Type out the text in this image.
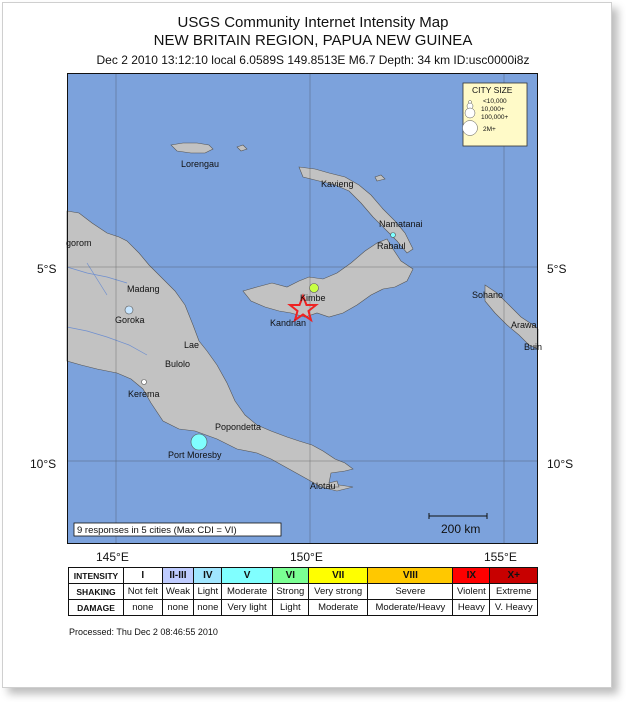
USGS Community Internet Intensity Map
NEW BRITAIN REGION, PAPUA NEW GUINEA
Dec 2 2010 13:12:10 local 6.0589S 149.8513E M6.7 Depth: 34 km ID:usc0000i8z
5°S	5°S
10°S	10°S
145°E	150°E	155°E
gorom
Lorengau
Kavieng
Namatanai
Rabaul
Kimbe
Kandrian
Madang
Goroka
Lae
Bulolo
Kerema
Popondetta
Port Moresby
Alotau
Sohano
Arawa
Buin
CITY SIZE
<10,000
10,000+
100,000+
2M+
9 responses in 5 cities (Max CDI = VI)	200 km
INTENSITY	I	II-III	IV	V	VI	VII	VIII	IX	X+
SHAKING	Not felt	Weak	Light	Moderate	Strong	Very strong	Severe	Violent	Extreme
DAMAGE	none	none	none	Very light	Light	Moderate	Moderate/Heavy	Heavy	V. Heavy
Processed: Thu Dec 2 08:46:55 2010
